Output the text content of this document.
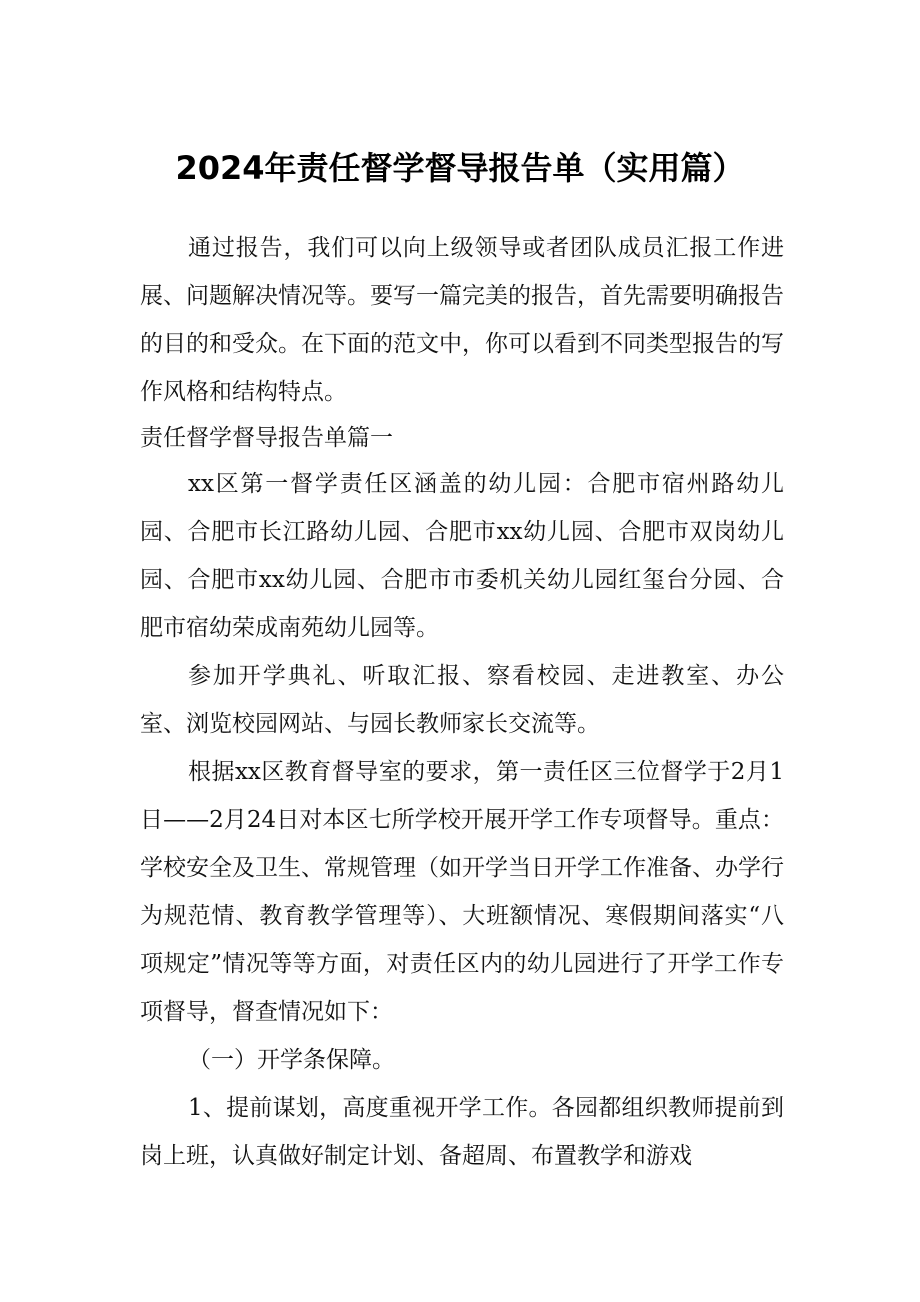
2024年责任督学督导报告单（实用篇）

通过报告，我们可以向上级领导或者团队成员汇报工作进展、问题解决情况等。要写一篇完美的报告，首先需要明确报告的目的和受众。在下面的范文中，你可以看到不同类型报告的写作风格和结构特点。

责任督学督导报告单篇一

xx区第一督学责任区涵盖的幼儿园：合肥市宿州路幼儿园、合肥市长江路幼儿园、合肥市xx幼儿园、合肥市双岗幼儿园、合肥市xx幼儿园、合肥市市委机关幼儿园红玺台分园、合肥市宿幼荣成南苑幼儿园等。

参加开学典礼、听取汇报、察看校园、走进教室、办公室、浏览校园网站、与园长教师家长交流等。

根据xx区教育督导室的要求，第一责任区三位督学于2月1日——2月24日对本区七所学校开展开学工作专项督导。重点：学校安全及卫生、常规管理（如开学当日开学工作准备、办学行为规范情、教育教学管理等）、大班额情况、寒假期间落实“八项规定”情况等等方面，对责任区内的幼儿园进行了开学工作专项督导，督查情况如下：

（一）开学条保障。

1、提前谋划，高度重视开学工作。各园都组织教师提前到岗上班，认真做好制定计划、备超周、布置教学和游戏
